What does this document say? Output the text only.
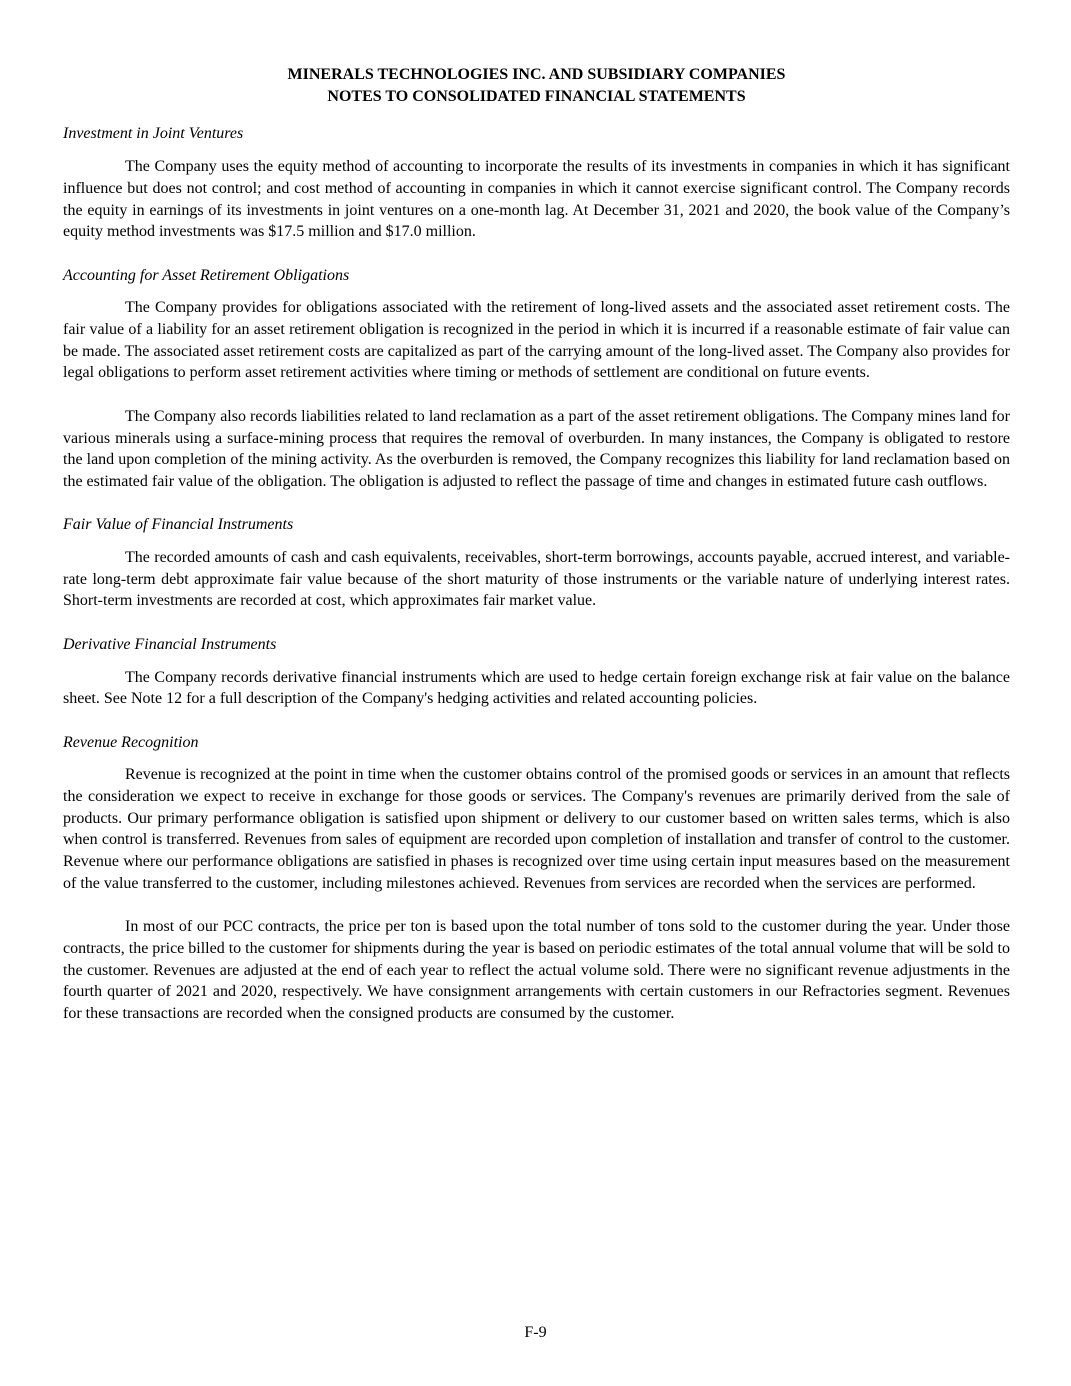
MINERALS TECHNOLOGIES INC. AND SUBSIDIARY COMPANIES
NOTES TO CONSOLIDATED FINANCIAL STATEMENTS
Investment in Joint Ventures

The Company uses the equity method of accounting to incorporate the results of its investments in companies in which it has significant influence but does not control; and cost method of accounting in companies in which it cannot exercise significant control. The Company records the equity in earnings of its investments in joint ventures on a one-month lag. At December 31, 2021 and 2020, the book value of the Company’s equity method investments was $17.5 million and $17.0 million.

Accounting for Asset Retirement Obligations

The Company provides for obligations associated with the retirement of long-lived assets and the associated asset retirement costs. The fair value of a liability for an asset retirement obligation is recognized in the period in which it is incurred if a reasonable estimate of fair value can be made. The associated asset retirement costs are capitalized as part of the carrying amount of the long-lived asset. The Company also provides for legal obligations to perform asset retirement activities where timing or methods of settlement are conditional on future events.

The Company also records liabilities related to land reclamation as a part of the asset retirement obligations. The Company mines land for various minerals using a surface-mining process that requires the removal of overburden. In many instances, the Company is obligated to restore the land upon completion of the mining activity. As the overburden is removed, the Company recognizes this liability for land reclamation based on the estimated fair value of the obligation. The obligation is adjusted to reflect the passage of time and changes in estimated future cash outflows.

Fair Value of Financial Instruments

The recorded amounts of cash and cash equivalents, receivables, short-term borrowings, accounts payable, accrued interest, and variable-rate long-term debt approximate fair value because of the short maturity of those instruments or the variable nature of underlying interest rates. Short-term investments are recorded at cost, which approximates fair market value.

Derivative Financial Instruments

The Company records derivative financial instruments which are used to hedge certain foreign exchange risk at fair value on the balance sheet. See Note 12 for a full description of the Company's hedging activities and related accounting policies.

Revenue Recognition

Revenue is recognized at the point in time when the customer obtains control of the promised goods or services in an amount that reflects the consideration we expect to receive in exchange for those goods or services. The Company's revenues are primarily derived from the sale of products. Our primary performance obligation is satisfied upon shipment or delivery to our customer based on written sales terms, which is also when control is transferred. Revenues from sales of equipment are recorded upon completion of installation and transfer of control to the customer. Revenue where our performance obligations are satisfied in phases is recognized over time using certain input measures based on the measurement of the value transferred to the customer, including milestones achieved. Revenues from services are recorded when the services are performed.

In most of our PCC contracts, the price per ton is based upon the total number of tons sold to the customer during the year. Under those contracts, the price billed to the customer for shipments during the year is based on periodic estimates of the total annual volume that will be sold to the customer. Revenues are adjusted at the end of each year to reflect the actual volume sold. There were no significant revenue adjustments in the fourth quarter of 2021 and 2020, respectively. We have consignment arrangements with certain customers in our Refractories segment. Revenues for these transactions are recorded when the consigned products are consumed by the customer.

F-9
